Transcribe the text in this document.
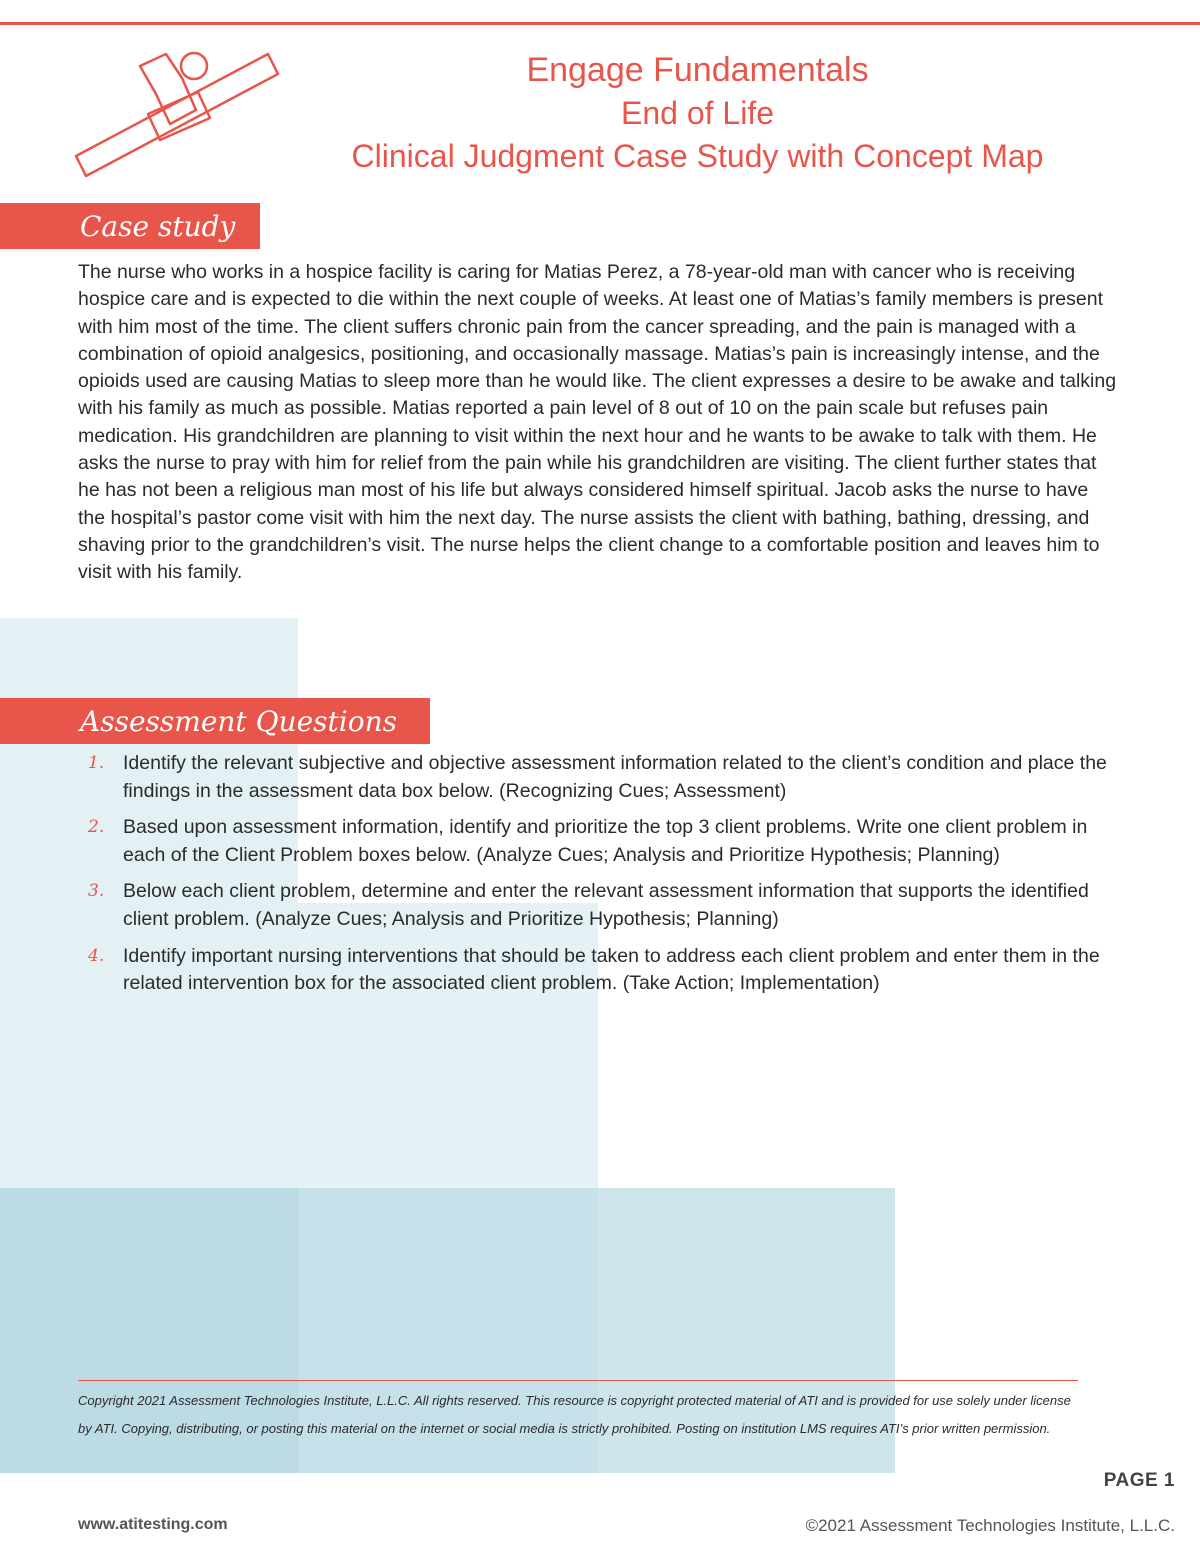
Engage Fundamentals
End of Life
Clinical Judgment Case Study with Concept Map
Case study

The nurse who works in a hospice facility is caring for Matias Perez, a 78-year-old man with cancer who is receiving hospice care and is expected to die within the next couple of weeks. At least one of Matias’s family members is present with him most of the time. The client suffers chronic pain from the cancer spreading, and the pain is managed with a combination of opioid analgesics, positioning, and occasionally massage. Matias’s pain is increasingly intense, and the opioids used are causing Matias to sleep more than he would like. The client expresses a desire to be awake and talking with his family as much as possible. Matias reported a pain level of 8 out of 10 on the pain scale but refuses pain medication. His grandchildren are planning to visit within the next hour and he wants to be awake to talk with them. He asks the nurse to pray with him for relief from the pain while his grandchildren are visiting. The client further states that he has not been a religious man most of his life but always considered himself spiritual. Jacob asks the nurse to have the hospital’s pastor come visit with him the next day. The nurse assists the client with bathing, bathing, dressing, and shaving prior to the grandchildren’s visit. The nurse helps the client change to a comfortable position and leaves him to visit with his family.

Assessment Questions
1. Identify the relevant subjective and objective assessment information related to the client’s condition and place the findings in the assessment data box below. (Recognizing Cues; Assessment)
2. Based upon assessment information, identify and prioritize the top 3 client problems. Write one client problem in each of the Client Problem boxes below. (Analyze Cues; Analysis and Prioritize Hypothesis; Planning)
3. Below each client problem, determine and enter the relevant assessment information that supports the identified client problem. (Analyze Cues; Analysis and Prioritize Hypothesis; Planning)
4. Identify important nursing interventions that should be taken to address each client problem and enter them in the related intervention box for the associated client problem. (Take Action; Implementation)

Copyright 2021 Assessment Technologies Institute, L.L.C. All rights reserved. This resource is copyright protected material of ATI and is provided for use solely under license by ATI. Copying, distributing, or posting this material on the internet or social media is strictly prohibited. Posting on institution LMS requires ATI’s prior written permission.

PAGE 1
www.atitesting.com	©2021 Assessment Technologies Institute, L.L.C.
